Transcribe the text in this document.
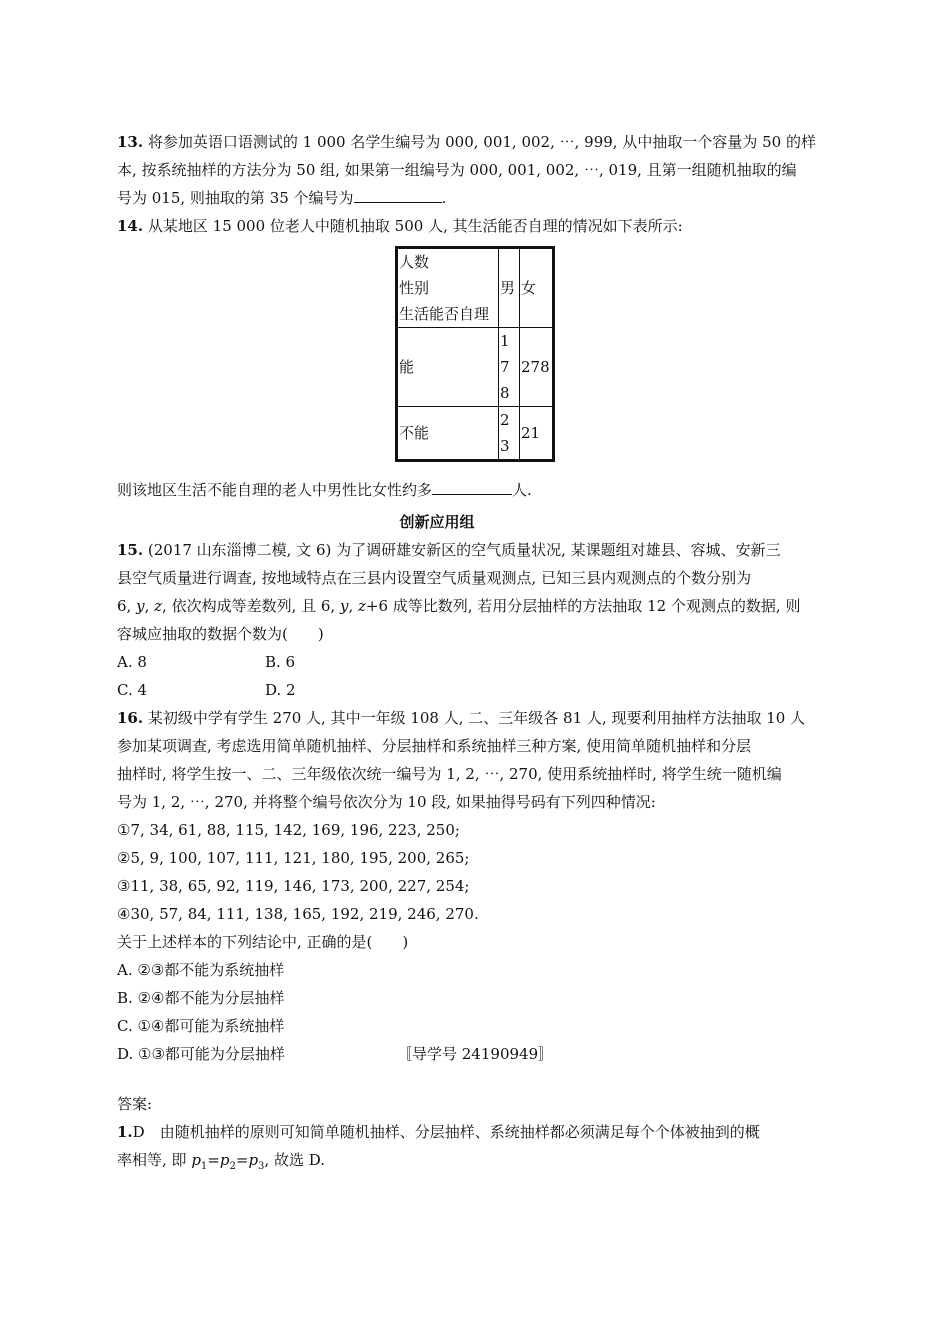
13. 将参加英语口语测试的 1 000 名学生编号为 000, 001, 002, ⋯, 999, 从中抽取一个容量为 50 的样
本, 按系统抽样的方法分为 50 组, 如果第一组编号为 000, 001, 002, ⋯, 019, 且第一组随机抽取的编
号为 015, 则抽取的第 35 个编号为	.
14. 从某地区 15 000 位老人中随机抽取 500 人, 其生活能否自理的情况如下表所示:
人数
性别
生活能否自理	男	女
能	178	278
不能	23	21
则该地区生活不能自理的老人中男性比女性约多	人.
创新应用组
15. (2017 山东淄博二模, 文 6) 为了调研雄安新区的空气质量状况, 某课题组对雄县、容城、安新三
县空气质量进行调查, 按地域特点在三县内设置空气质量观测点, 已知三县内观测点的个数分别为
6, y, z, 依次构成等差数列, 且 6, y, z+6 成等比数列, 若用分层抽样的方法抽取 12 个观测点的数据, 则
容城应抽取的数据个数为(　　)
A. 8	B. 6
C. 4	D. 2
16. 某初级中学有学生 270 人, 其中一年级 108 人, 二、三年级各 81 人, 现要利用抽样方法抽取 10 人
参加某项调查, 考虑选用简单随机抽样、分层抽样和系统抽样三种方案, 使用简单随机抽样和分层
抽样时, 将学生按一、二、三年级依次统一编号为 1, 2, ⋯, 270, 使用系统抽样时, 将学生统一随机编
号为 1, 2, ⋯, 270, 并将整个编号依次分为 10 段, 如果抽得号码有下列四种情况:
①7, 34, 61, 88, 115, 142, 169, 196, 223, 250;
②5, 9, 100, 107, 111, 121, 180, 195, 200, 265;
③11, 38, 65, 92, 119, 146, 173, 200, 227, 254;
④30, 57, 84, 111, 138, 165, 192, 219, 246, 270.
关于上述样本的下列结论中, 正确的是(　　)
A. ②③都不能为系统抽样
B. ②④都不能为分层抽样
C. ①④都可能为系统抽样
D. ①③都可能为分层抽样	〚导学号 24190949〛
答案:
1.D　由随机抽样的原则可知简单随机抽样、分层抽样、系统抽样都必须满足每个个体被抽到的概
率相等, 即 $p_1=p_2=p_3$, 故选 D.
